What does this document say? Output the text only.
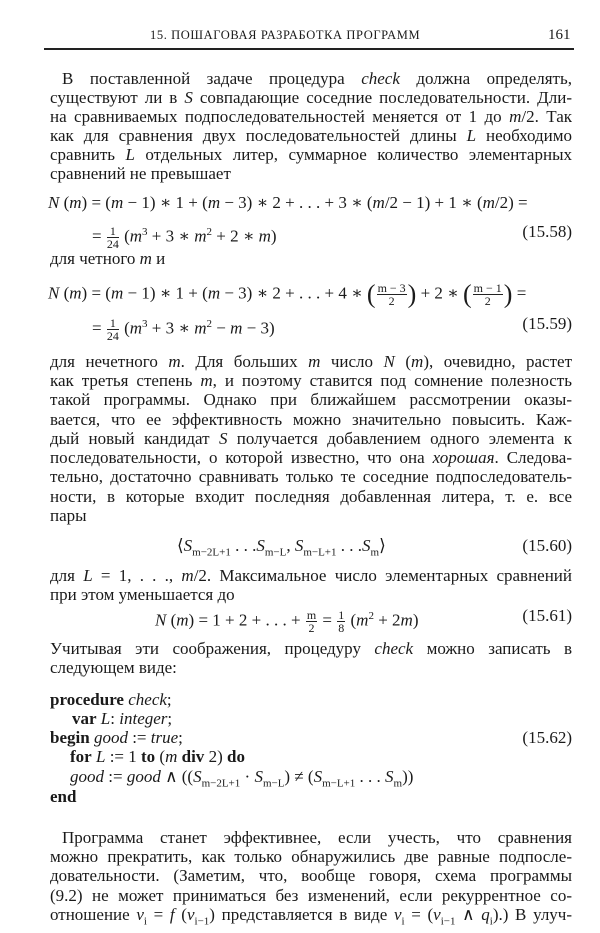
15. ПОШАГОВАЯ РАЗРАБОТКА ПРОГРАММ	161
В поставленной задаче процедура check должна определять,
существуют ли в S совпадающие соседние последовательности. Дли-
на сравниваемых подпоследовательностей меняется от 1 до m/2. Так
как для сравнения двух последовательностей длины L необходимо
сравнить L отдельных литер, суммарное количество элементарных
сравнений не превышает
N (m) = (m − 1) ∗ 1 + (m − 3) ∗ 2 + . . . + 3 ∗ (m/2 − 1) + 1 ∗ (m/2) =
= $\frac{1}{24} (m^3 + 3$ ∗ $m^2 + 2$ ∗ m)	(15.58)
для четного m и
N (m) = (m − 1) ∗ 1 + (m − 3) ∗ 2 + . . . + 4 ∗ ( $\frac{m - 3}{2}$ ) + 2 ∗ ( $\frac{m - 1}{2}$ ) =
= $\frac{1}{24} (m^3 + 3$ ∗ $m^2 - m - 3$)	(15.59)
для нечетного m. Для больших m число N (m), очевидно, растет
как третья степень m, и поэтому ставится под сомнение полезность
такой программы. Однако при ближайшем рассмотрении оказы-
вается, что ее эффективность можно значительно повысить. Каж-
дый новый кандидат S получается добавлением одного элемента к
последовательности, о которой известно, что она хорошая. Следова-
тельно, достаточно сравнивать только те соседние подпоследователь-
ности, в которые входит последняя добавленная литера, т. е. все
пары
$⟨S_{m-2L+1}$ . . $.S_{m-L}$, $S_{m-L+1}$ . . $.S_m⟩$	(15.60)
для L = 1, . . ., m/2. Максимальное число элементарных сравнений
при этом уменьшается до
N (m) = 1 + 2 + . . . + $\frac{m}{2} = \frac{1}{8} (m^2 + 2m)$	(15.61)
Учитывая эти соображения, процедуру check можно записать в
следующем виде:
procedure check;
var L: integer;
begin good := true;	(15.62)
for L := 1 to (m div 2) do
good := good ∧ ($(S_{m-2L+1} \cdot S_{m-L}) \ne (S_{m-L+1}$ . . . $S_m$))
end
Программа станет эффективнее, если учесть, что сравнения
можно прекратить, как только обнаружились две равные подпосле-
довательности. (Заметим, что, вообще говоря, схема программы
(9.2) не может приниматься без изменений, если рекуррентное со-
отношение $v_i = f$ $(v_{i-1})$ представляется в виде $v_i = (v_{i-1}$ ∧ $q_i$).) В улуч-
